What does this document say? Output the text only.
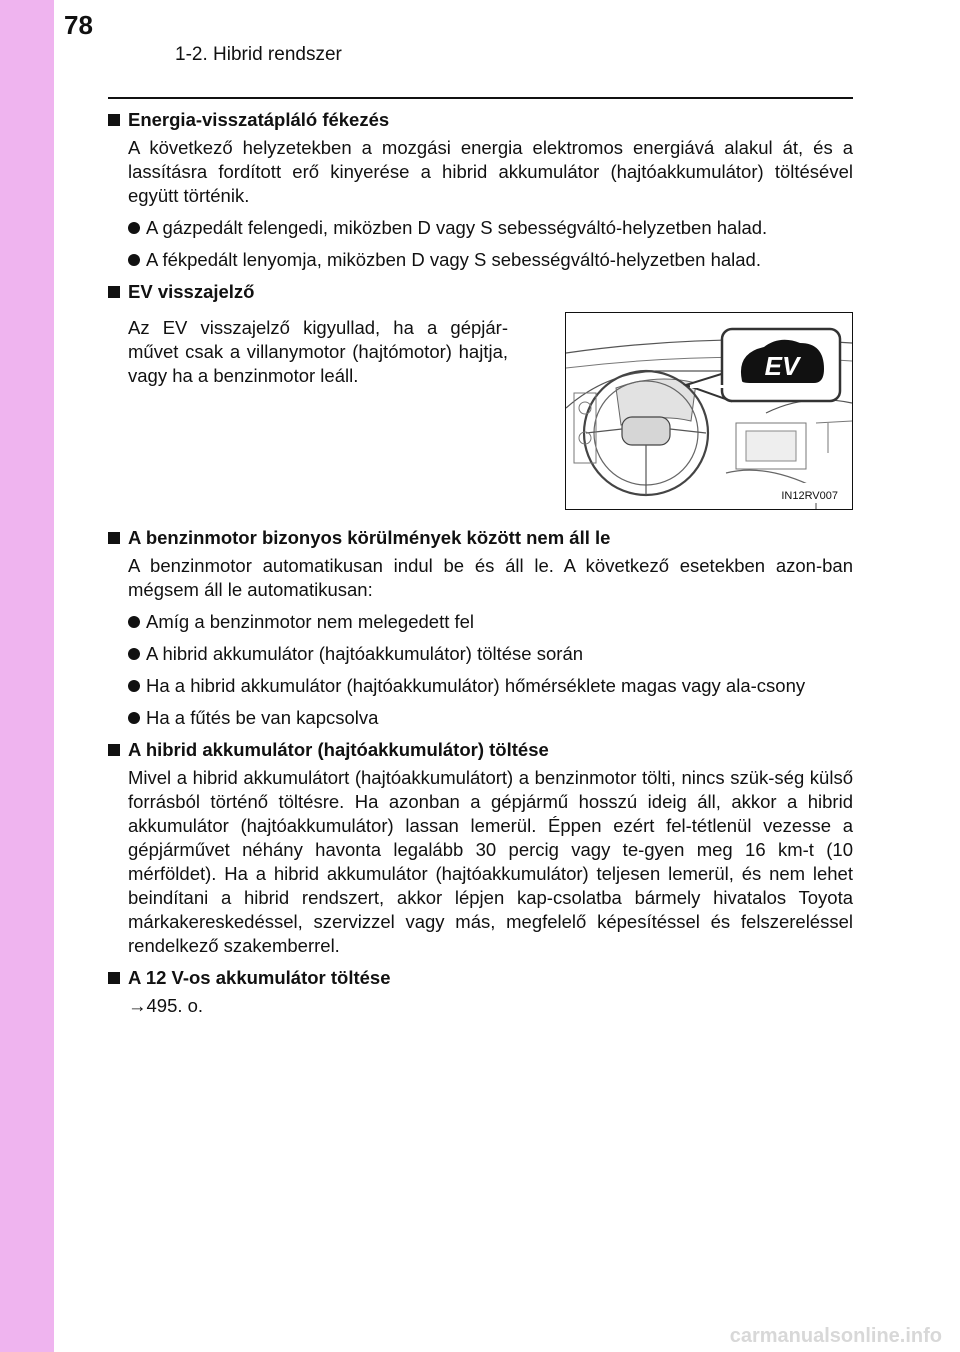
78
1-2. Hibrid rendszer
Energia-visszatápláló fékezés
A következő helyzetekben a mozgási energia elektromos energiává alakul át, és a lassításra fordított erő kinyerése a hibrid akkumulátor (hajtóakkumulátor) töltésével együtt történik.
A gázpedált felengedi, miközben D vagy S sebességváltó-helyzetben halad.
A fékpedált lenyomja, miközben D vagy S sebességváltó-helyzetben halad.
EV visszajelző
Az EV visszajelző kigyullad, ha a gépjár-művet csak a villanymotor (hajtómotor) hajtja, vagy ha a benzinmotor leáll.	EV
IN12RV007
A benzinmotor bizonyos körülmények között nem áll le
A benzinmotor automatikusan indul be és áll le. A következő esetekben azon-ban mégsem áll le automatikusan:
Amíg a benzinmotor nem melegedett fel
A hibrid akkumulátor (hajtóakkumulátor) töltése során
Ha a hibrid akkumulátor (hajtóakkumulátor) hőmérséklete magas vagy ala-csony
Ha a fűtés be van kapcsolva
A hibrid akkumulátor (hajtóakkumulátor) töltése
Mivel a hibrid akkumulátort (hajtóakkumulátort) a benzinmotor tölti, nincs szük-ség külső forrásból történő töltésre. Ha azonban a gépjármű hosszú ideig áll, akkor a hibrid akkumulátor (hajtóakkumulátor) lassan lemerül. Éppen ezért fel-tétlenül vezesse a gépjárművet néhány havonta legalább 30 percig vagy te-gyen meg 16 km-t (10 mérföldet). Ha a hibrid akkumulátor (hajtóakkumulátor) teljesen lemerül, és nem lehet beindítani a hibrid rendszert, akkor lépjen kap-csolatba bármely hivatalos Toyota márkakereskedéssel, szervizzel vagy más, megfelelő képesítéssel és felszereléssel rendelkező szakemberrel.
A 12 V-os akkumulátor töltése
→495. o.
carmanualsonline.info
